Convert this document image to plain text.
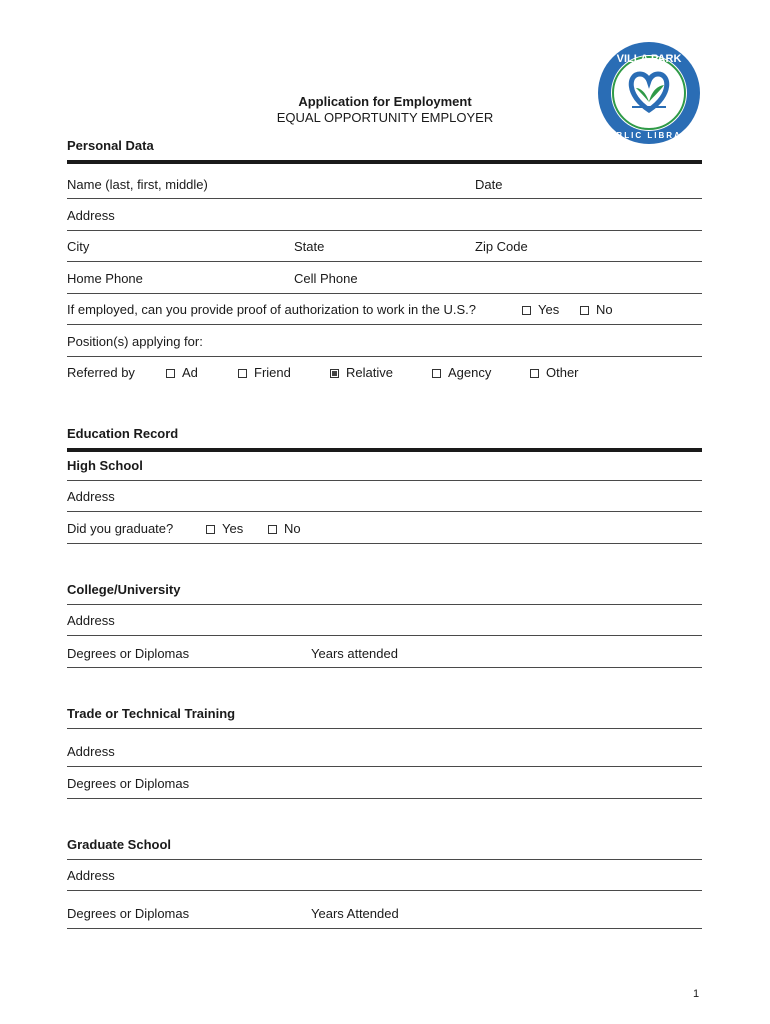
VILLA PARK
PUBLIC LIBRARY
Application for Employment
EQUAL OPPORTUNITY EMPLOYER
Personal Data
Name (last, first, middle)	Date
Address
City	State	Zip Code
Home Phone	Cell Phone
If employed, can you provide proof of authorization to work in the U.S.?	Yes	No
Position(s) applying for:
Referred by	Ad	Friend	Relative	Agency	Other
Education Record
High School
Address
Did you graduate?	Yes	No
College/University
Address
Degrees or Diplomas	Years attended
Trade or Technical Training
Address
Degrees or Diplomas
Graduate School
Address
Degrees or Diplomas	Years Attended
1
